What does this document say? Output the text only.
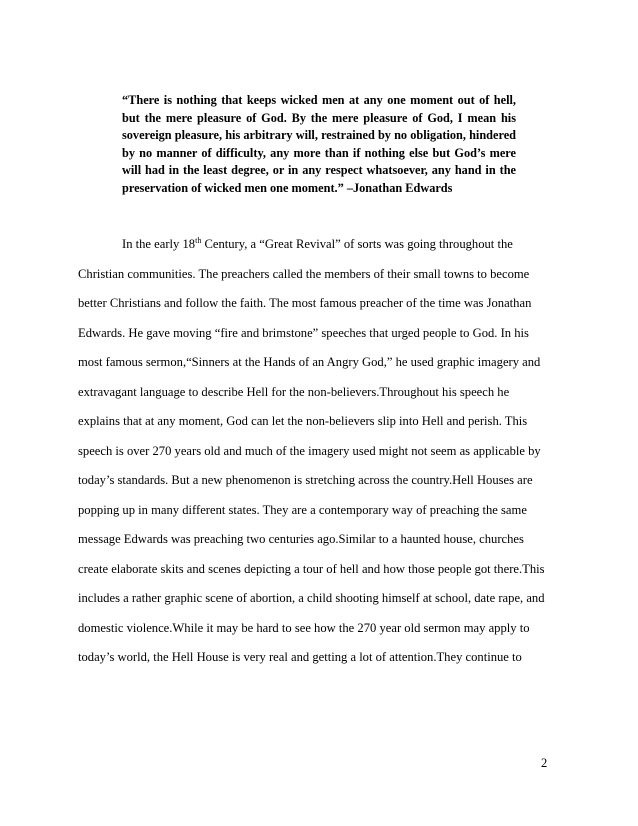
“There is nothing that keeps wicked men at any one moment out of hell, but the mere pleasure of God. By the mere pleasure of God, I mean his sovereign pleasure, his arbitrary will, restrained by no obligation, hindered by no manner of difficulty, any more than if nothing else but God’s mere will had in the least degree, or in any respect whatsoever, any hand in the preservation of wicked men one moment.” –Jonathan Edwards

In the early 18th Century, a “Great Revival” of sorts was going throughout the
Christian communities. The preachers called the members of their small towns to become
better Christians and follow the faith. The most famous preacher of the time was Jonathan
Edwards. He gave moving “fire and brimstone” speeches that urged people to God. In his
most famous sermon,“Sinners at the Hands of an Angry God,” he used graphic imagery and
extravagant language to describe Hell for the non-believers.Throughout his speech he
explains that at any moment, God can let the non-believers slip into Hell and perish. This
speech is over 270 years old and much of the imagery used might not seem as applicable by
today’s standards. But a new phenomenon is stretching across the country.Hell Houses are
popping up in many different states. They are a contemporary way of preaching the same
message Edwards was preaching two centuries ago.Similar to a haunted house, churches
create elaborate skits and scenes depicting a tour of hell and how those people got there.This
includes a rather graphic scene of abortion, a child shooting himself at school, date rape, and
domestic violence.While it may be hard to see how the 270 year old sermon may apply to
today’s world, the Hell House is very real and getting a lot of attention.They continue to
2
